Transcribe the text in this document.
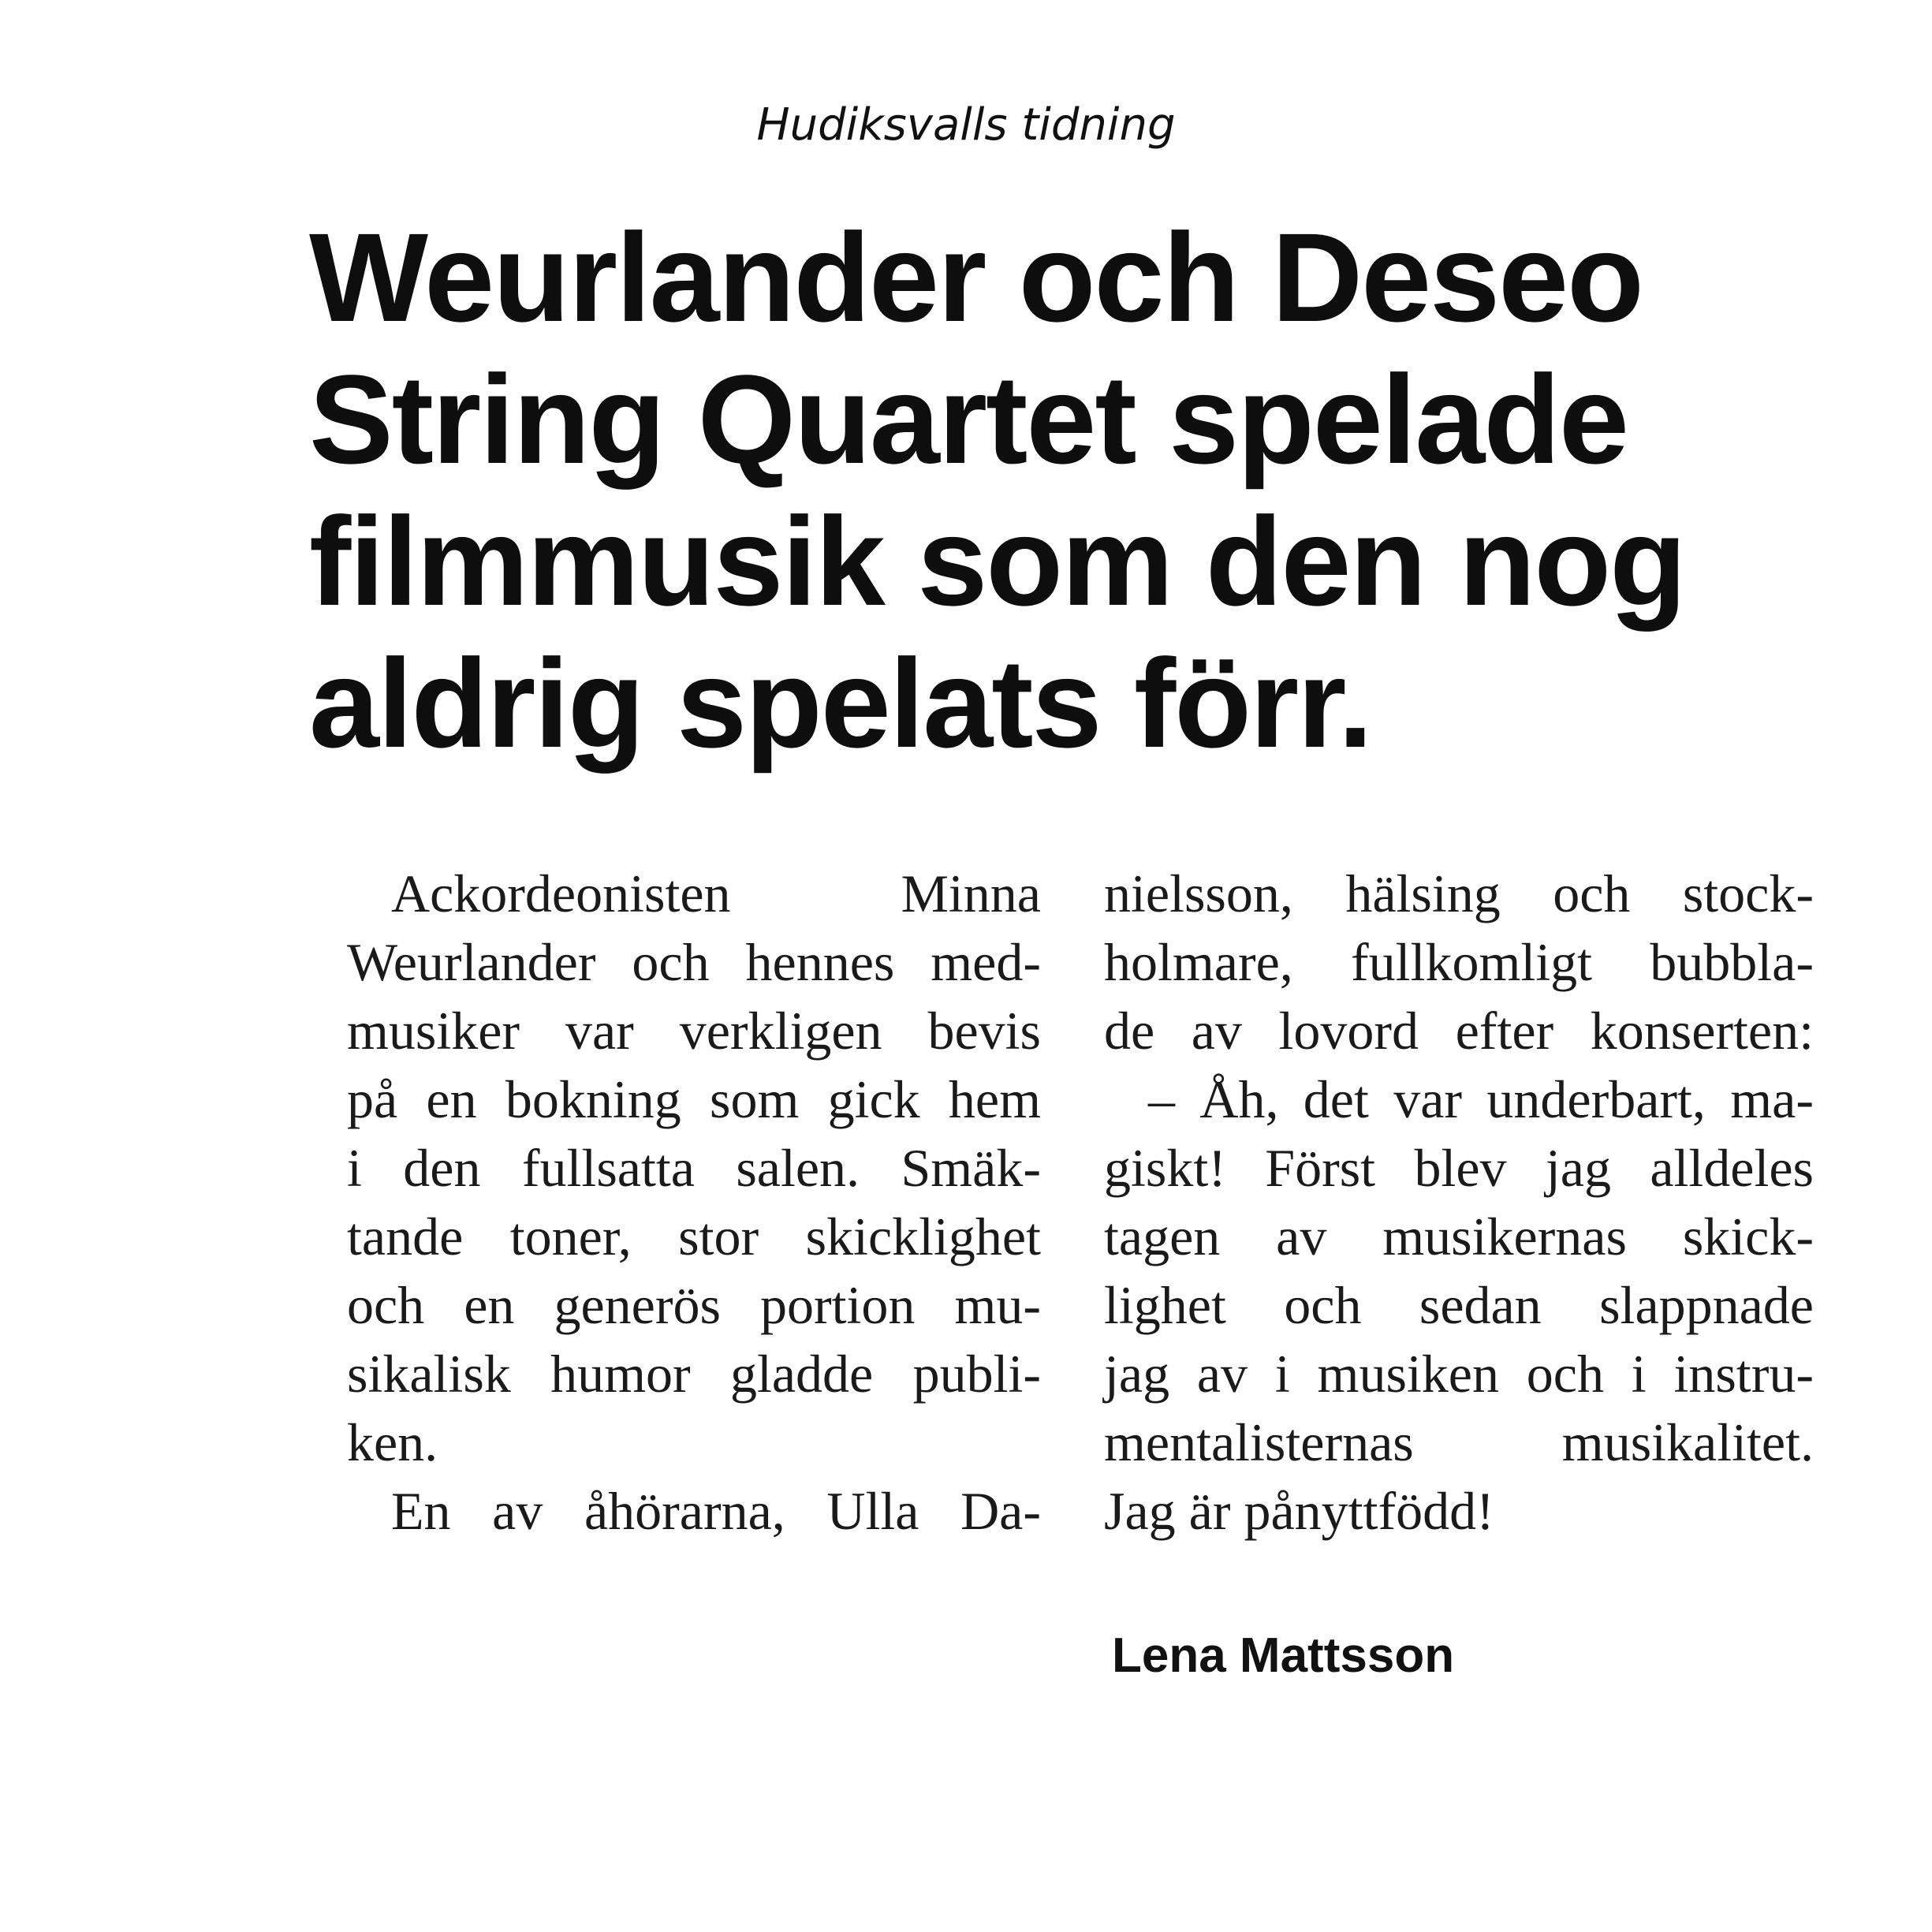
Hudiksvalls tidning
Weurlander och Deseo
String Quartet spelade
filmmusik som den nog
aldrig spelats förr.
Ackordeonisten Minna
Weurlander och hennes med-
musiker var verkligen bevis
på en bokning som gick hem
i den fullsatta salen. Smäk-
tande toner, stor skicklighet
och en generös portion mu-
sikalisk humor gladde publi-
ken.
En av åhörarna, Ulla Da-
nielsson, hälsing och stock-
holmare, fullkomligt bubbla-
de av lovord efter konserten:
– Åh, det var underbart, ma-
giskt! Först blev jag alldeles
tagen av musikernas skick-
lighet och sedan slappnade
jag av i musiken och i instru-
mentalisternas musikalitet.
Jag är pånyttfödd!
Lena Mattsson
